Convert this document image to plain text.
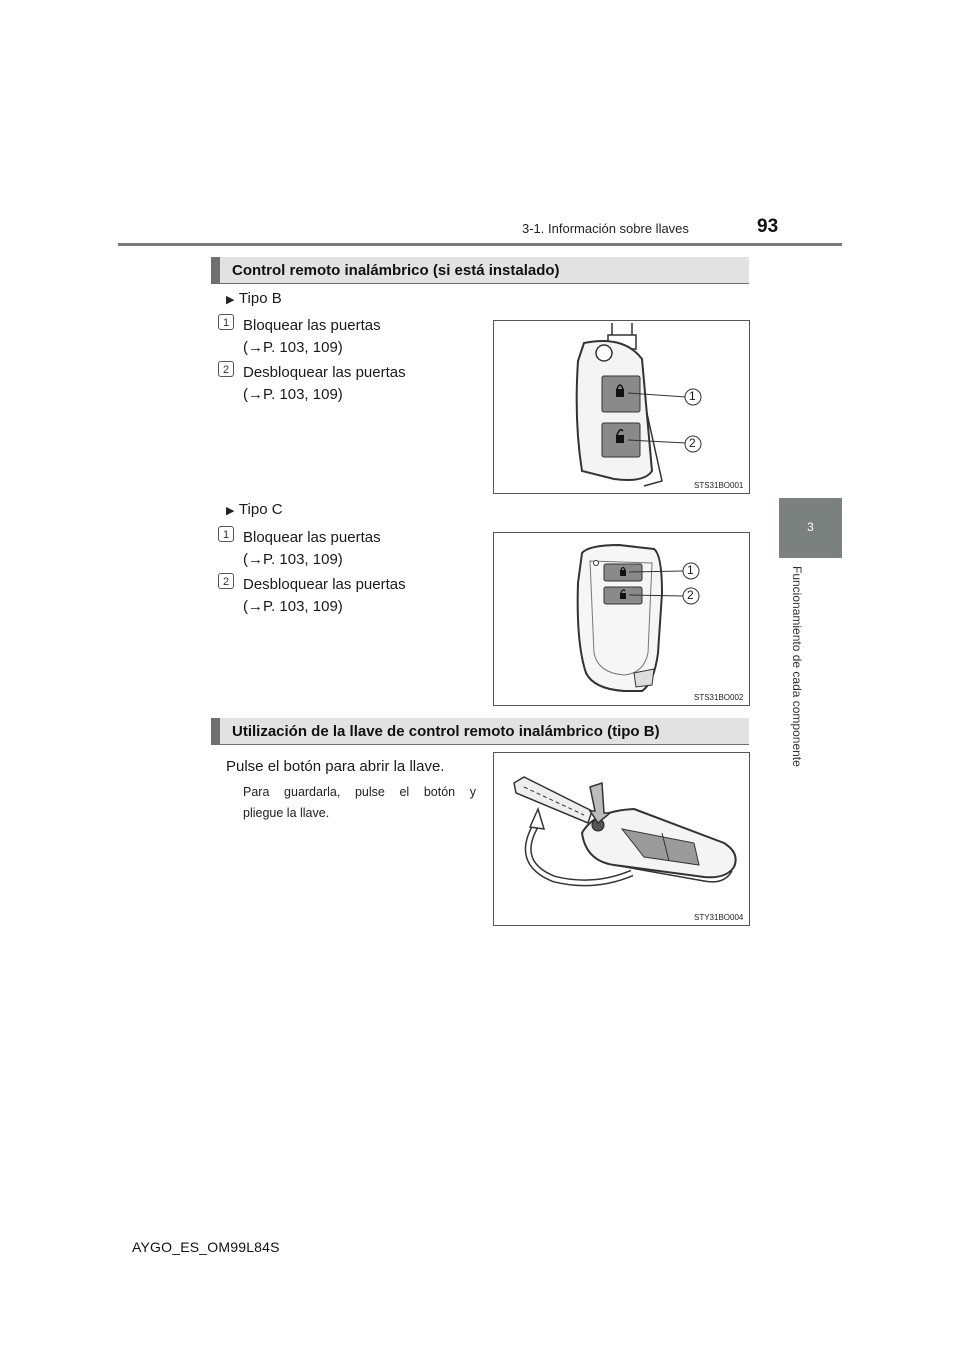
3-1. Información sobre llaves	93
3
Funcionamiento de cada componente
Control remoto inalámbrico (si está instalado)
▶ Tipo B
1 Bloquear las puertas
(→P. 103, 109)
2 Desbloquear las puertas
(→P. 103, 109)	1
2
STS31BO001
▶ Tipo C
1 Bloquear las puertas
(→P. 103, 109)
2 Desbloquear las puertas
(→P. 103, 109)
1
2
STS31BO002
Utilización de la llave de control remoto inalámbrico (tipo B)
Pulse el botón para abrir la llave.
Para guardarla, pulse el botón y
pliegue la llave.
STY31BO004
AYGO_ES_OM99L84S
